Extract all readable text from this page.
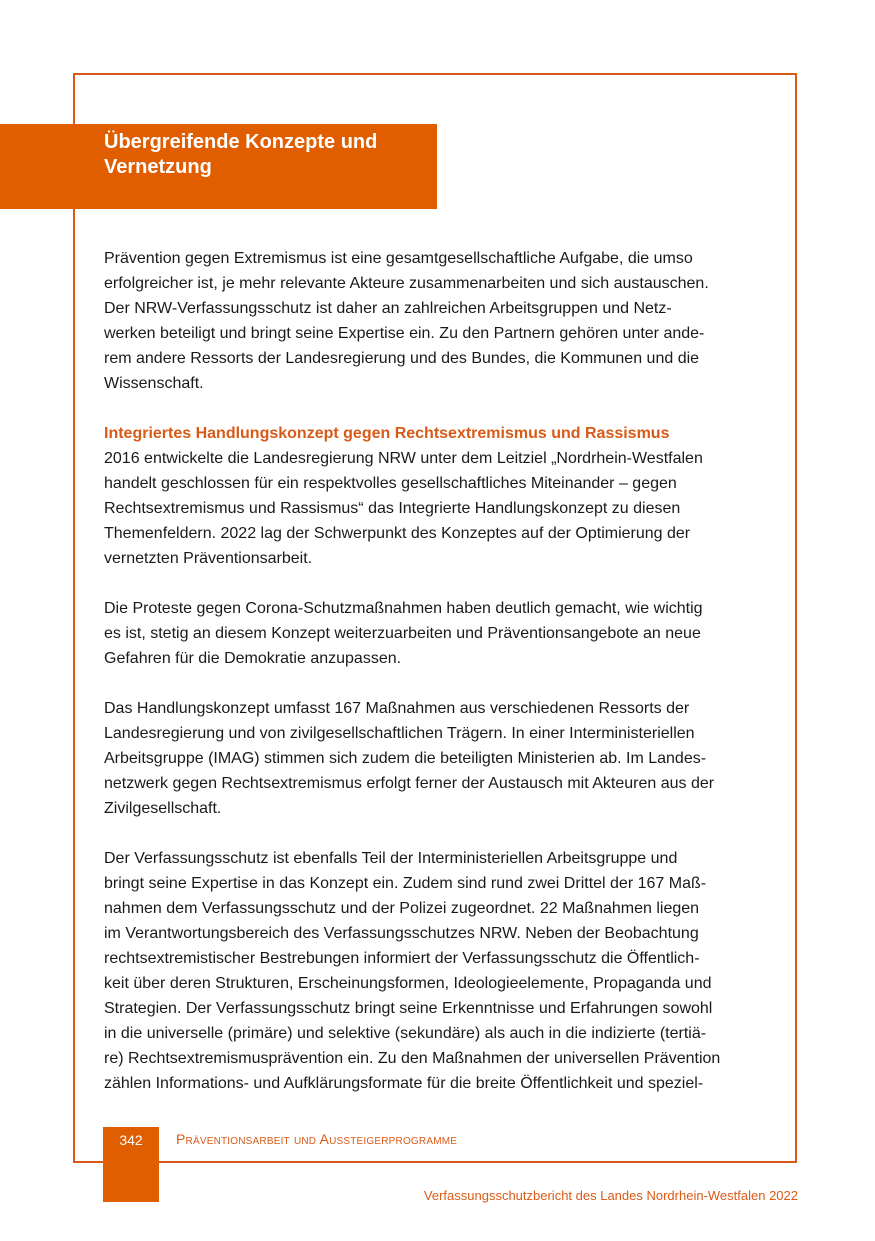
Übergreifende Konzepte und
Vernetzung

Prävention gegen Extremismus ist eine gesamtgesellschaftliche Aufgabe, die umso
erfolgreicher ist, je mehr relevante Akteure zusammenarbeiten und sich austauschen.
Der NRW-Verfassungsschutz ist daher an zahlreichen Arbeitsgruppen und Netz-
werken beteiligt und bringt seine Expertise ein. Zu den Partnern gehören unter ande-
rem andere Ressorts der Landesregierung und des Bundes, die Kommunen und die
Wissenschaft.

Integriertes Handlungskonzept gegen Rechtsextremismus und Rassismus
2016 entwickelte die Landesregierung NRW unter dem Leitziel „Nordrhein-Westfalen
handelt geschlossen für ein respektvolles gesellschaftliches Miteinander – gegen
Rechtsextremismus und Rassismus“ das Integrierte Handlungskonzept zu diesen
Themenfeldern. 2022 lag der Schwerpunkt des Konzeptes auf der Optimierung der
vernetzten Präventionsarbeit.

Die Proteste gegen Corona-Schutzmaßnahmen haben deutlich gemacht, wie wichtig
es ist, stetig an diesem Konzept weiterzuarbeiten und Präventionsangebote an neue
Gefahren für die Demokratie anzupassen.

Das Handlungskonzept umfasst 167 Maßnahmen aus verschiedenen Ressorts der
Landesregierung und von zivilgesellschaftlichen Trägern. In einer Interministeriellen
Arbeitsgruppe (IMAG) stimmen sich zudem die beteiligten Ministerien ab. Im Landes-
netzwerk gegen Rechtsextremismus erfolgt ferner der Austausch mit Akteuren aus der
Zivilgesellschaft.

Der Verfassungsschutz ist ebenfalls Teil der Interministeriellen Arbeitsgruppe und
bringt seine Expertise in das Konzept ein. Zudem sind rund zwei Drittel der 167 Maß-
nahmen dem Verfassungsschutz und der Polizei zugeordnet. 22 Maßnahmen liegen
im Verantwortungsbereich des Verfassungsschutzes NRW. Neben der Beobachtung
rechtsextremistischer Bestrebungen informiert der Verfassungsschutz die Öffentlich-
keit über deren Strukturen, Erscheinungsformen, Ideologieelemente, Propaganda und
Strategien. Der Verfassungsschutz bringt seine Erkenntnisse und Erfahrungen sowohl
in die universelle (primäre) und selektive (sekundäre) als auch in die indizierte (tertiä-
re) Rechtsextremismusprävention ein. Zu den Maßnahmen der universellen Prävention
zählen Informations- und Aufklärungsformate für die breite Öffentlichkeit und speziel-

342	Präventionsarbeit und Aussteigerprogramme
Verfassungsschutzbericht des Landes Nordrhein-Westfalen 2022
